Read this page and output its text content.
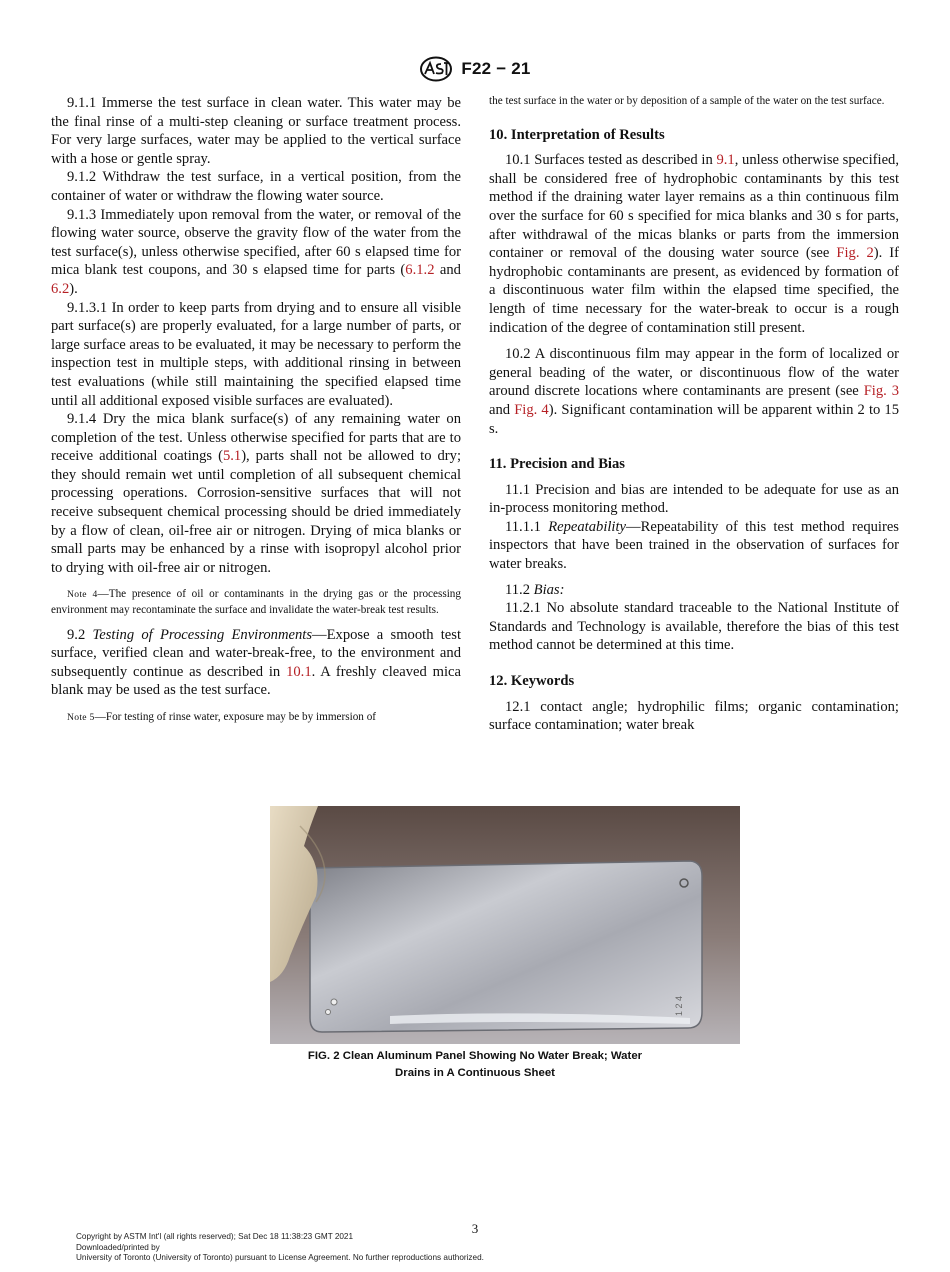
F22 − 21

9.1.1 Immerse the test surface in clean water. This water may be the final rinse of a multi-step cleaning or surface treatment process. For very large surfaces, water may be applied to the vertical surface with a hose or gentle spray.

9.1.2 Withdraw the test surface, in a vertical position, from the container of water or withdraw the flowing water source.

9.1.3 Immediately upon removal from the water, or removal of the flowing water source, observe the gravity flow of the water from the test surface(s), unless otherwise specified, after 60 s elapsed time for mica blank test coupons, and 30 s elapsed time for parts (6.1.2 and 6.2).

9.1.3.1 In order to keep parts from drying and to ensure all visible part surface(s) are properly evaluated, for a large number of parts, or large surface areas to be evaluated, it may be necessary to perform the inspection test in multiple steps, with additional rinsing in between test evaluations (while still maintaining the specified elapsed time until all additional exposed visible surfaces are evaluated).

9.1.4 Dry the mica blank surface(s) of any remaining water on completion of the test. Unless otherwise specified for parts that are to receive additional coatings (5.1), parts shall not be allowed to dry; they should remain wet until completion of all subsequent chemical processing operations. Corrosion-sensitive surfaces that will not receive subsequent chemical processing should be dried immediately by a flow of clean, oil-free air or nitrogen. Drying of mica blanks or small parts may be enhanced by a rinse with isopropyl alcohol prior to drying with oil-free air or nitrogen.

Note 4—The presence of oil or contaminants in the drying gas or the processing environment may recontaminate the surface and invalidate the water-break test results.

9.2 Testing of Processing Environments—Expose a smooth test surface, verified clean and water-break-free, to the environment and subsequently continue as described in 10.1. A freshly cleaved mica blank may be used as the test surface.

Note 5—For testing of rinse water, exposure may be by immersion of

the test surface in the water or by deposition of a sample of the water on the test surface.

10. Interpretation of Results

10.1 Surfaces tested as described in 9.1, unless otherwise specified, shall be considered free of hydrophobic contaminants by this test method if the draining water layer remains as a thin continuous film over the surface for 60 s specified for mica blanks and 30 s for parts, after withdrawal of the micas blanks or parts from the immersion container or removal of the dousing water source (see Fig. 2). If hydrophobic contaminants are present, as evidenced by formation of a discontinuous water film within the elapsed time specified, the length of time necessary for the water-break to occur is a rough indication of the degree of contamination still present.

10.2 A discontinuous film may appear in the form of localized or general beading of the water, or discontinuous flow of the water around discrete locations where contaminants are present (see Fig. 3 and Fig. 4). Significant contamination will be apparent within 2 to 15 s.

11. Precision and Bias

11.1 Precision and bias are intended to be adequate for use as an in-process monitoring method.

11.1.1 Repeatability—Repeatability of this test method requires inspectors that have been trained in the observation of surfaces for water breaks.

11.2 Bias:

11.2.1 No absolute standard traceable to the National Institute of Standards and Technology is available, therefore the bias of this test method cannot be determined at this time.

12. Keywords

12.1 contact angle; hydrophilic films; organic contamination; surface contamination; water break

1 2 4
FIG. 2 Clean Aluminum Panel Showing No Water Break; Water
Drains in A Continuous Sheet
3
Copyright by ASTM Int'l (all rights reserved); Sat Dec 18 11:38:23 GMT 2021
Downloaded/printed by
University of Toronto (University of Toronto) pursuant to License Agreement. No further reproductions authorized.
